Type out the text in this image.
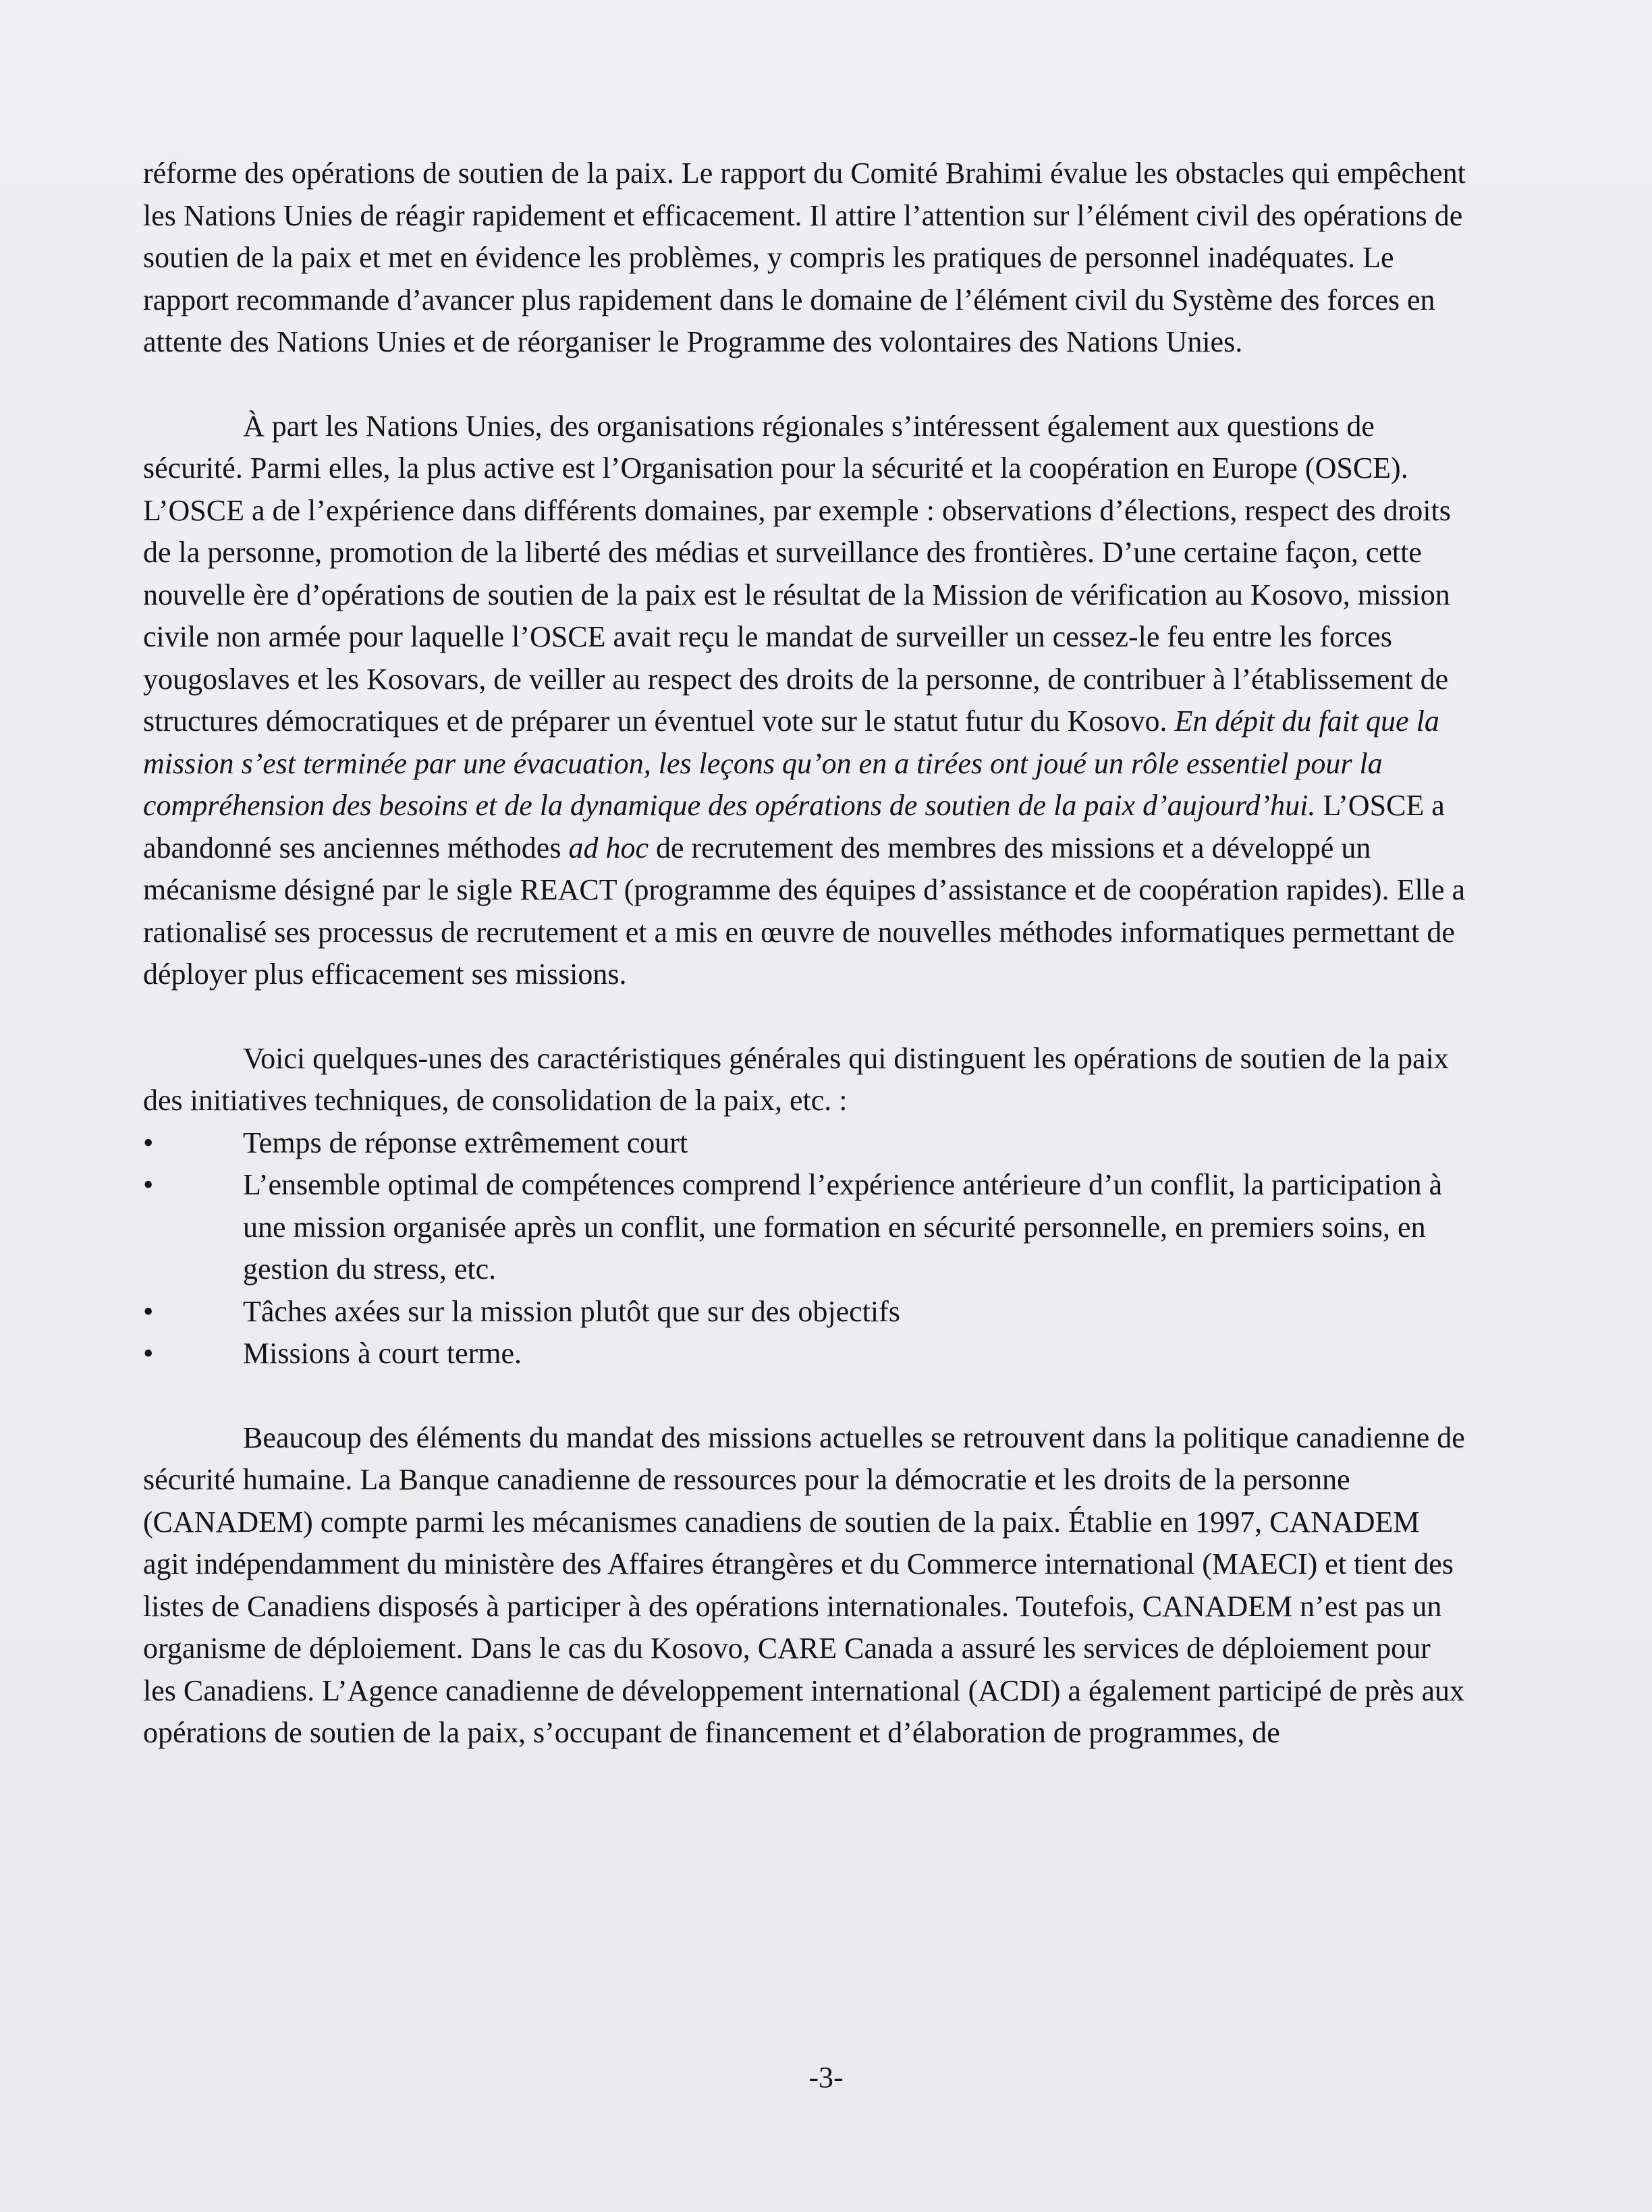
réforme des opérations de soutien de la paix. Le rapport du Comité Brahimi évalue les obstacles qui empêchent les Nations Unies de réagir rapidement et efficacement. Il attire l’attention sur l’élément civil des opérations de soutien de la paix et met en évidence les problèmes, y compris les pratiques de personnel inadéquates. Le rapport recommande d’avancer plus rapidement dans le domaine de l’élément civil du Système des forces en attente des Nations Unies et de réorganiser le Programme des volontaires des Nations Unies.

À part les Nations Unies, des organisations régionales s’intéressent également aux questions de sécurité. Parmi elles, la plus active est l’Organisation pour la sécurité et la coopération en Europe (OSCE). L’OSCE a de l’expérience dans différents domaines, par exemple : observations d’élections, respect des droits de la personne, promotion de la liberté des médias et surveillance des frontières. D’une certaine façon, cette nouvelle ère d’opérations de soutien de la paix est le résultat de la Mission de vérification au Kosovo, mission civile non armée pour laquelle l’OSCE avait reçu le mandat de surveiller un cessez-le feu entre les forces yougoslaves et les Kosovars, de veiller au respect des droits de la personne, de contribuer à l’établissement de structures démocratiques et de préparer un éventuel vote sur le statut futur du Kosovo. En dépit du fait que la mission s’est terminée par une évacuation, les leçons qu’on en a tirées ont joué un rôle essentiel pour la compréhension des besoins et de la dynamique des opérations de soutien de la paix d’aujourd’hui. L’OSCE a abandonné ses anciennes méthodes ad hoc de recrutement des membres des missions et a développé un mécanisme désigné par le sigle REACT (programme des équipes d’assistance et de coopération rapides). Elle a rationalisé ses processus de recrutement et a mis en œuvre de nouvelles méthodes informatiques permettant de déployer plus efficacement ses missions.

Voici quelques-unes des caractéristiques générales qui distinguent les opérations de soutien de la paix des initiatives techniques, de consolidation de la paix, etc. :

•	Temps de réponse extrêmement court
•	L’ensemble optimal de compétences comprend l’expérience antérieure d’un conflit, la participation à une mission organisée après un conflit, une formation en sécurité personnelle, en premiers soins, en gestion du stress, etc.
•	Tâches axées sur la mission plutôt que sur des objectifs
•	Missions à court terme.

Beaucoup des éléments du mandat des missions actuelles se retrouvent dans la politique canadienne de sécurité humaine. La Banque canadienne de ressources pour la démocratie et les droits de la personne (CANADEM) compte parmi les mécanismes canadiens de soutien de la paix. Établie en 1997, CANADEM agit indépendamment du ministère des Affaires étrangères et du Commerce international (MAECI) et tient des listes de Canadiens disposés à participer à des opérations internationales. Toutefois, CANADEM n’est pas un organisme de déploiement. Dans le cas du Kosovo, CARE Canada a assuré les services de déploiement pour les Canadiens. L’Agence canadienne de développement international (ACDI) a également participé de près aux opérations de soutien de la paix, s’occupant de financement et d’élaboration de programmes, de

-3-
